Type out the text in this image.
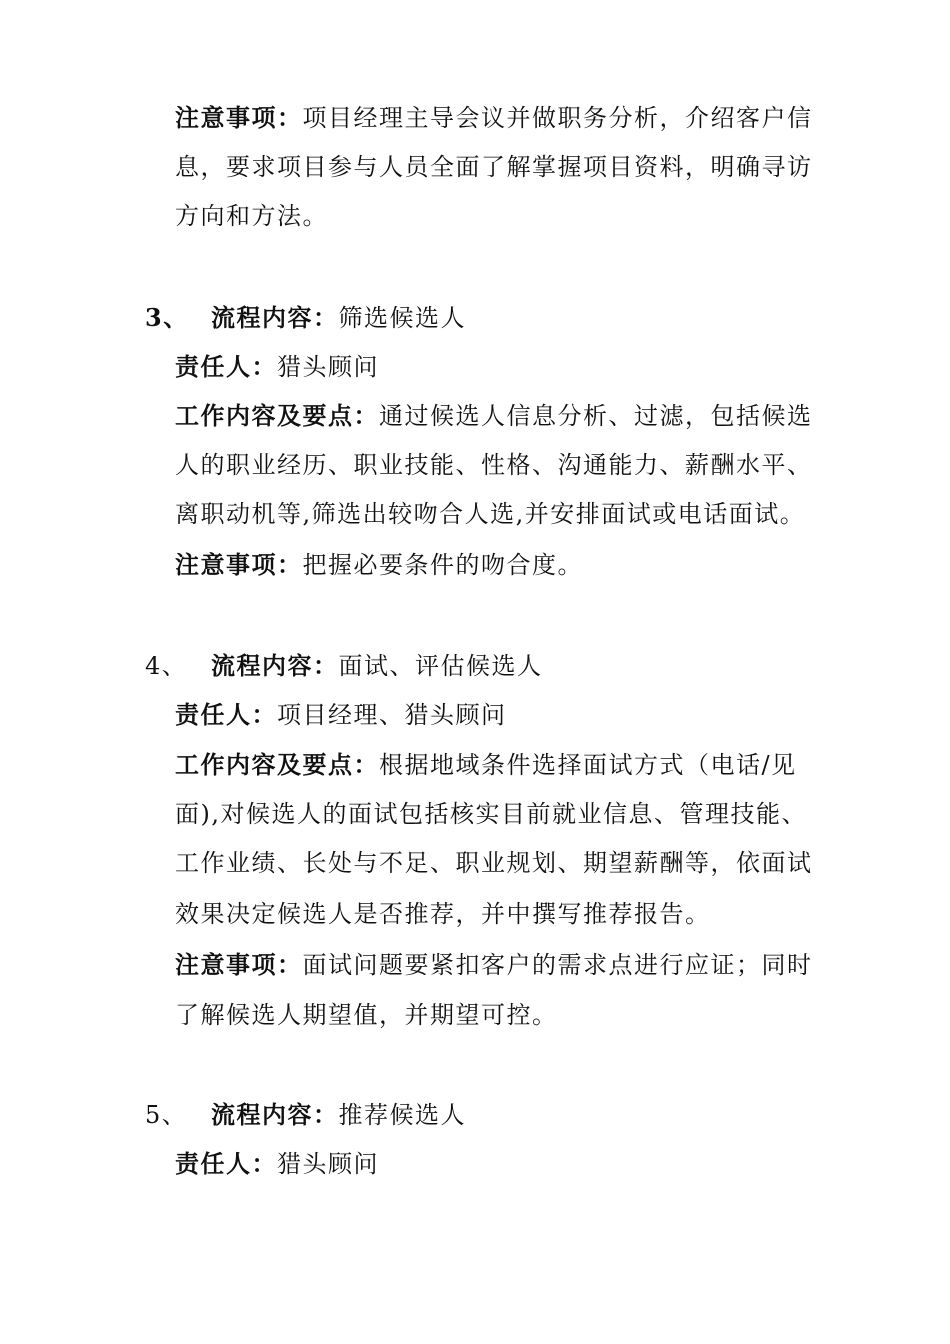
注意事项：项目经理主导会议并做职务分析，介绍客户信
息，要求项目参与人员全面了解掌握项目资料，明确寻访
方向和方法。
3、 流程内容：筛选候选人
责任人：猎头顾问
工作内容及要点：通过候选人信息分析、过滤，包括候选
人的职业经历、职业技能、性格、沟通能力、薪酬水平、
离职动机等,筛选出较吻合人选,并安排面试或电话面试。
注意事项：把握必要条件的吻合度。
4、 流程内容：面试、评估候选人
责任人：项目经理、猎头顾问
工作内容及要点：根据地域条件选择面试方式（电话/见
面),对候选人的面试包括核实目前就业信息、管理技能、
工作业绩、长处与不足、职业规划、期望薪酬等，依面试
效果决定候选人是否推荐，并中撰写推荐报告。
注意事项：面试问题要紧扣客户的需求点进行应证；同时
了解候选人期望值，并期望可控。
5、 流程内容：推荐候选人
责任人：猎头顾问
